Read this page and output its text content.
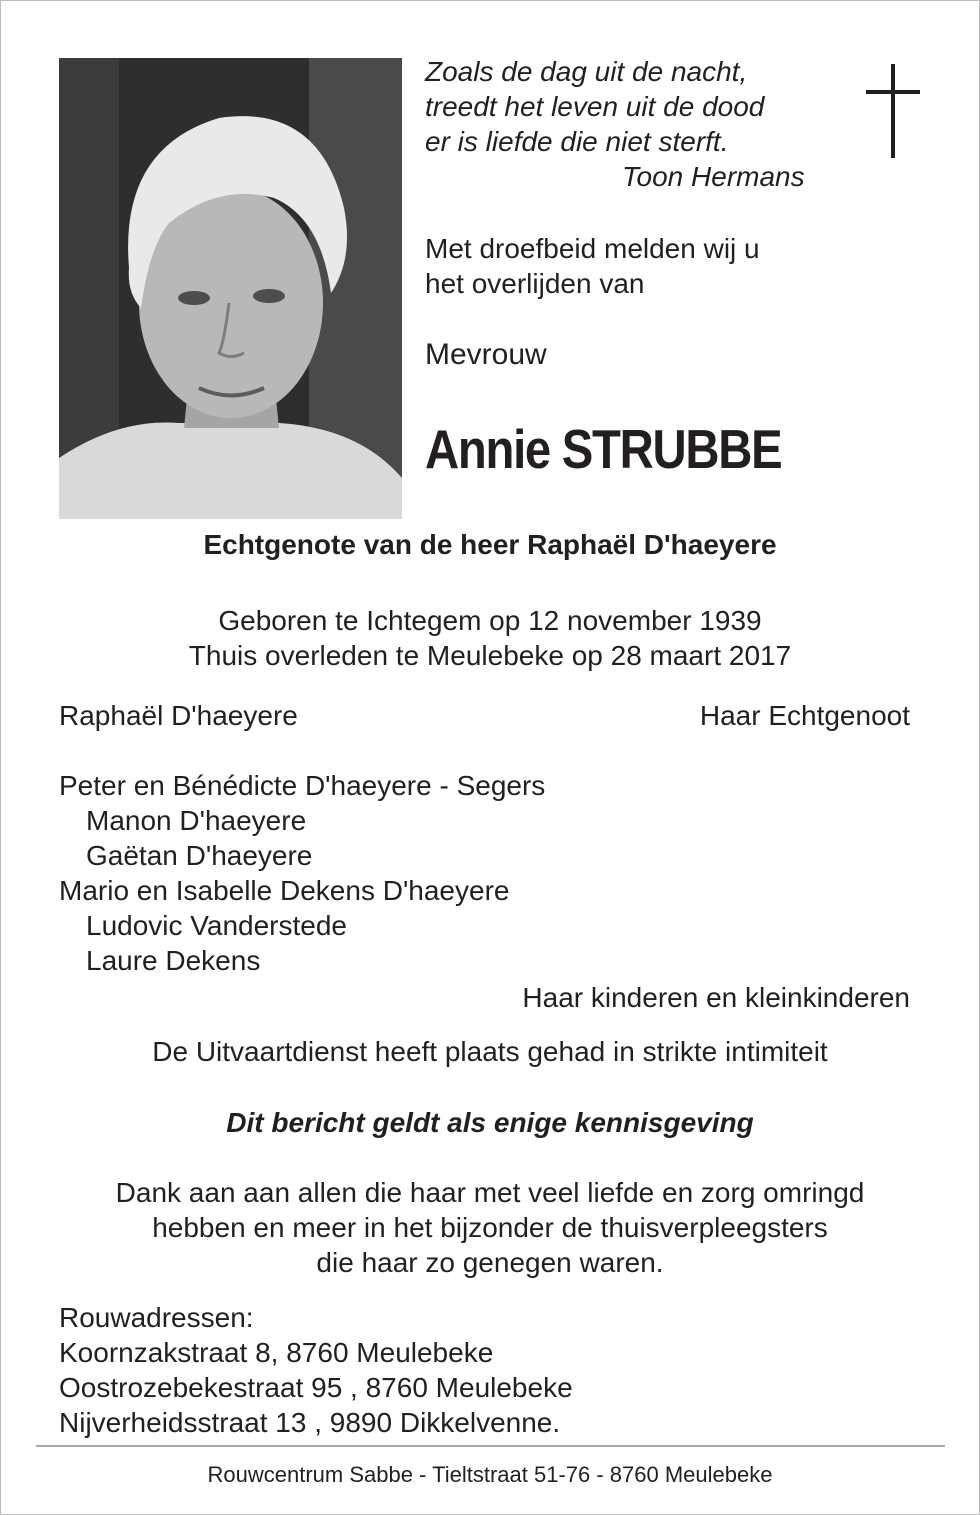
Zoals de dag uit de nacht,
treedt het leven uit de dood
er is liefde die niet sterft.
Toon Hermans
Met droefbeid melden wij u
het overlijden van
Mevrouw
Annie STRUBBE
Echtgenote van de heer Raphaël D'haeyere
Geboren te Ichtegem op 12 november 1939
Thuis overleden te Meulebeke op 28 maart 2017
Raphaël D'haeyere	Haar Echtgenoot
Peter en Bénédicte D'haeyere - Segers
Manon D'haeyere
Gaëtan D'haeyere
Mario en Isabelle Dekens D'haeyere
Ludovic Vanderstede
Laure Dekens
Haar kinderen en kleinkinderen
De Uitvaartdienst heeft plaats gehad in strikte intimiteit
Dit bericht geldt als enige kennisgeving
Dank aan aan allen die haar met veel liefde en zorg omringd
hebben en meer in het bijzonder de thuisverpleegsters
die haar zo genegen waren.
Rouwadressen:
Koornzakstraat 8, 8760 Meulebeke
Oostrozebekestraat 95 , 8760 Meulebeke
Nijverheidsstraat 13 , 9890 Dikkelvenne.
Rouwcentrum Sabbe - Tieltstraat 51-76 - 8760 Meulebeke
